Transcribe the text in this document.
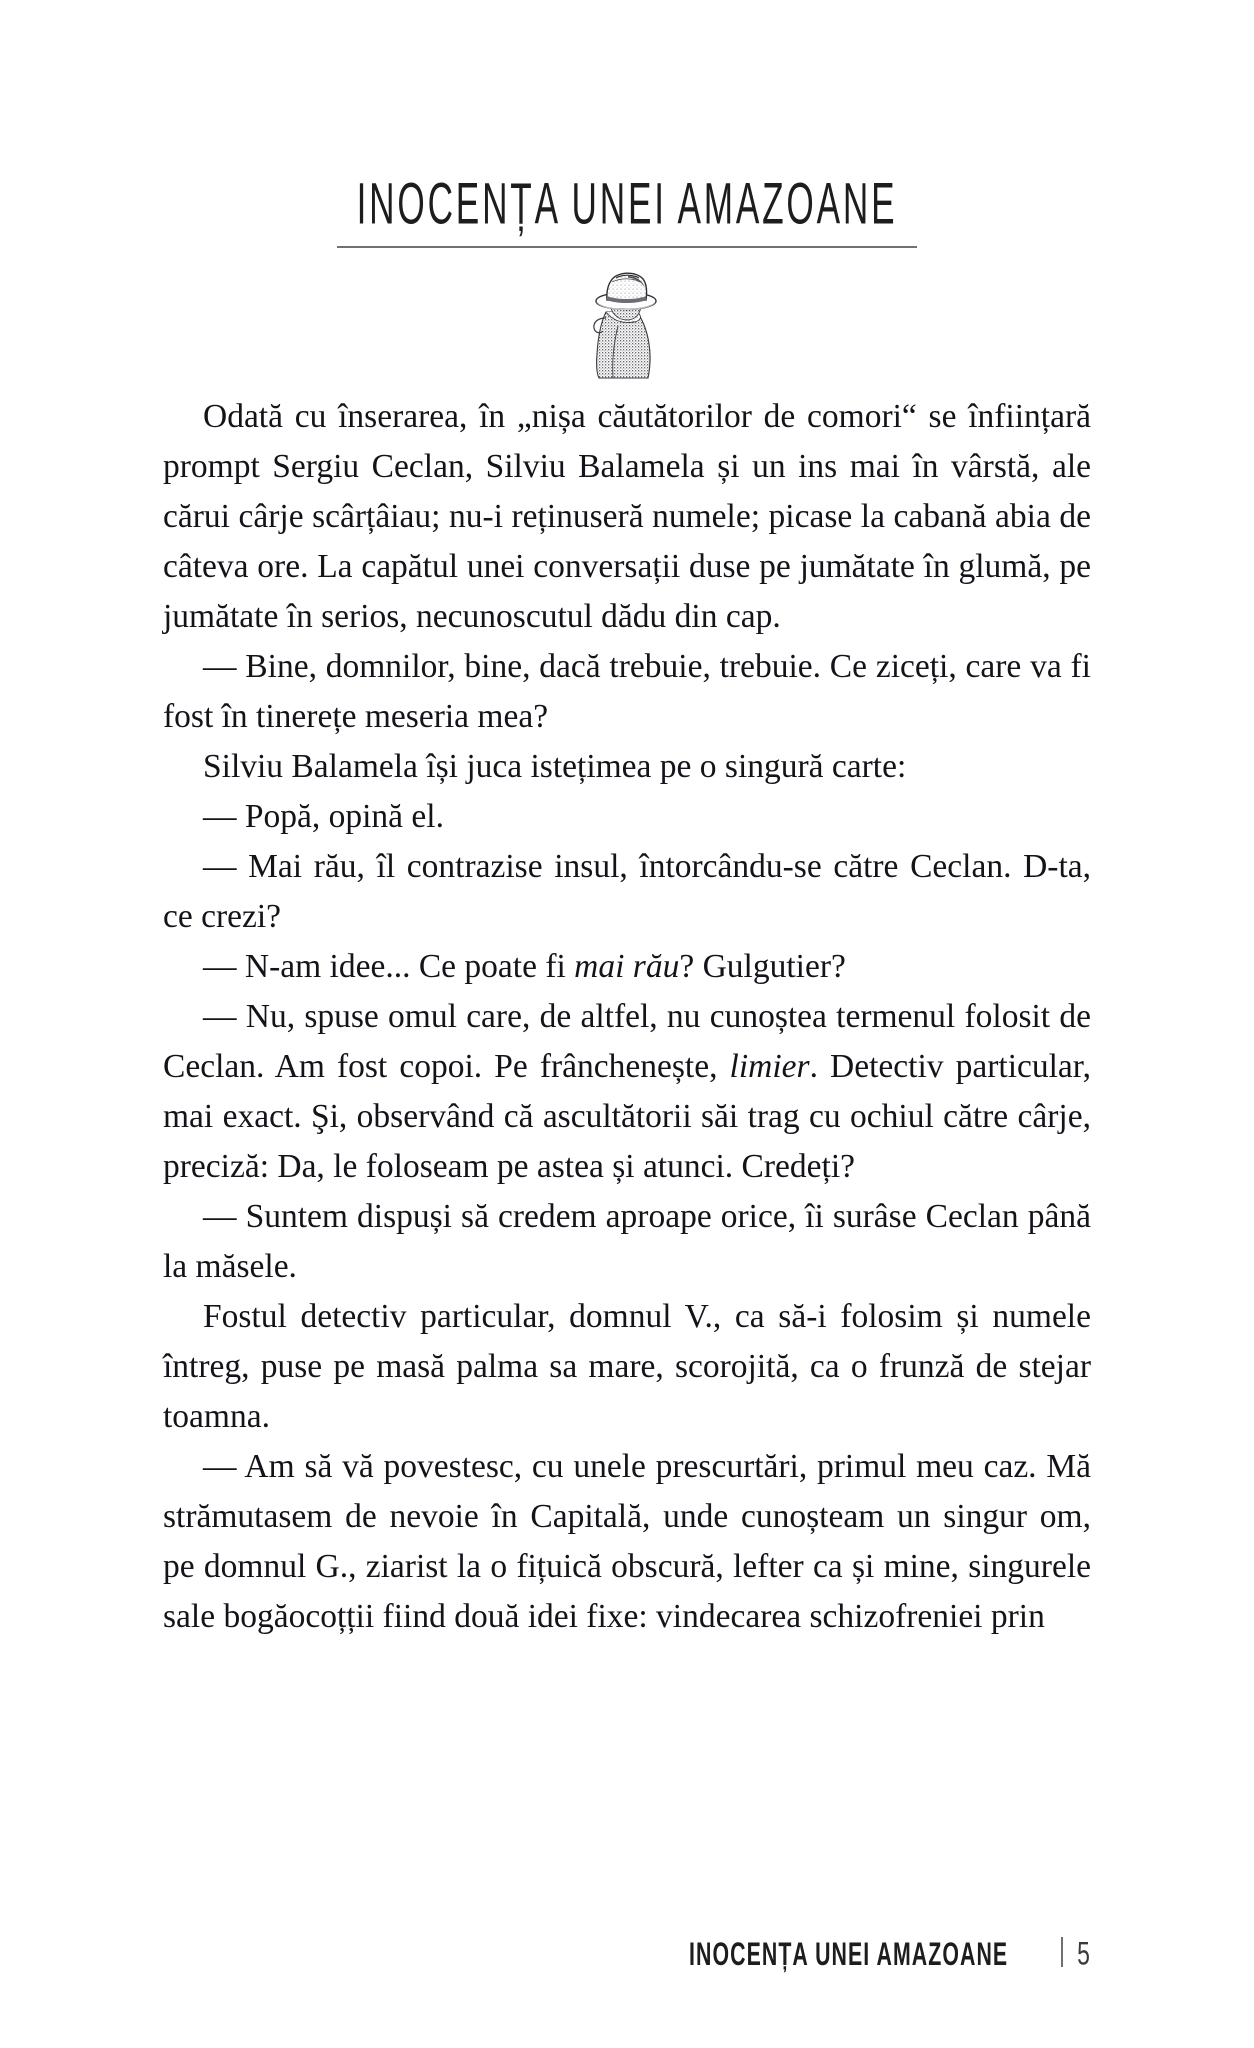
INOCENȚA UNEI AMAZOANE

Odată cu înserarea, în „nișa căutătorilor de comori“ se înființară prompt Sergiu Ceclan, Silviu Balamela și un ins mai în vârstă, ale cărui cârje scârțâiau; nu-i reținuseră numele; picase la cabană abia de câteva ore. La capătul unei conversații duse pe jumătate în glumă, pe jumătate în serios, necunoscutul dădu din cap.

— Bine, domnilor, bine, dacă trebuie, trebuie. Ce ziceți, care va fi fost în tinerețe meseria mea?

Silviu Balamela își juca istețimea pe o singură carte:

— Popă, opină el.

— Mai rău, îl contrazise insul, întorcându-se către Ceclan. D-ta, ce crezi?

— N-am idee... Ce poate fi mai rău? Gulgutier?

— Nu, spuse omul care, de altfel, nu cunoștea termenul folosit de Ceclan. Am fost copoi. Pe frânchenește, limier. Detectiv particular, mai exact. Şi, observând că ascultătorii săi trag cu ochiul către cârje, preciză: Da, le foloseam pe astea și atunci. Credeți?

— Suntem dispuși să credem aproape orice, îi surâse Ceclan până la măsele.

Fostul detectiv particular, domnul V., ca să-i folosim și numele întreg, puse pe masă palma sa mare, scorojită, ca o frunză de stejar toamna.

— Am să vă povestesc, cu unele prescurtări, primul meu caz. Mă strămutasem de nevoie în Capitală, unde cunoșteam un singur om, pe domnul G., ziarist la o fițuică obscură, lefter ca și mine, singurele sale bogăocoțții fiind două idei fixe: vindecarea schizofreniei prin

INOCENȚA UNEI AMAZOANE	5
